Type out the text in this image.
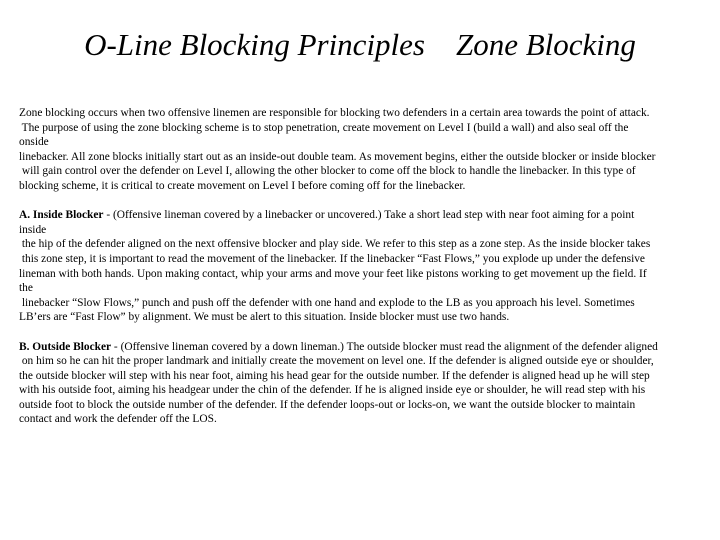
O-Line Blocking Principles    Zone Blocking

Zone blocking occurs when two offensive linemen are responsible for blocking two defenders in a certain area towards the point of attack.
The purpose of using the zone blocking scheme is to stop penetration, create movement on Level I (build a wall) and also seal off the
onside
linebacker. All zone blocks initially start out as an inside-out double team. As movement begins, either the outside blocker or inside blocker
will gain control over the defender on Level I, allowing the other blocker to come off the block to handle the linebacker. In this type of
blocking scheme, it is critical to create movement on Level I before coming off for the linebacker.

A. Inside Blocker - (Offensive lineman covered by a linebacker or uncovered.) Take a short lead step with near foot aiming for a point
inside
the hip of the defender aligned on the next offensive blocker and play side. We refer to this step as a zone step. As the inside blocker takes
this zone step, it is important to read the movement of the linebacker. If the linebacker “Fast Flows,” you explode up under the defensive
lineman with both hands. Upon making contact, whip your arms and move your feet like pistons working to get movement up the field. If
the
linebacker “Slow Flows,” punch and push off the defender with one hand and explode to the LB as you approach his level. Sometimes
LB’ers are “Fast Flow” by alignment. We must be alert to this situation. Inside blocker must use two hands.

B. Outside Blocker - (Offensive lineman covered by a down lineman.) The outside blocker must read the alignment of the defender aligned
on him so he can hit the proper landmark and initially create the movement on level one. If the defender is aligned outside eye or shoulder,
the outside blocker will step with his near foot, aiming his head gear for the outside number. If the defender is aligned head up he will step
with his outside foot, aiming his headgear under the chin of the defender. If he is aligned inside eye or shoulder, he will read step with his
outside foot to block the outside number of the defender. If the defender loops-out or locks-on, we want the outside blocker to maintain
contact and work the defender off the LOS.
